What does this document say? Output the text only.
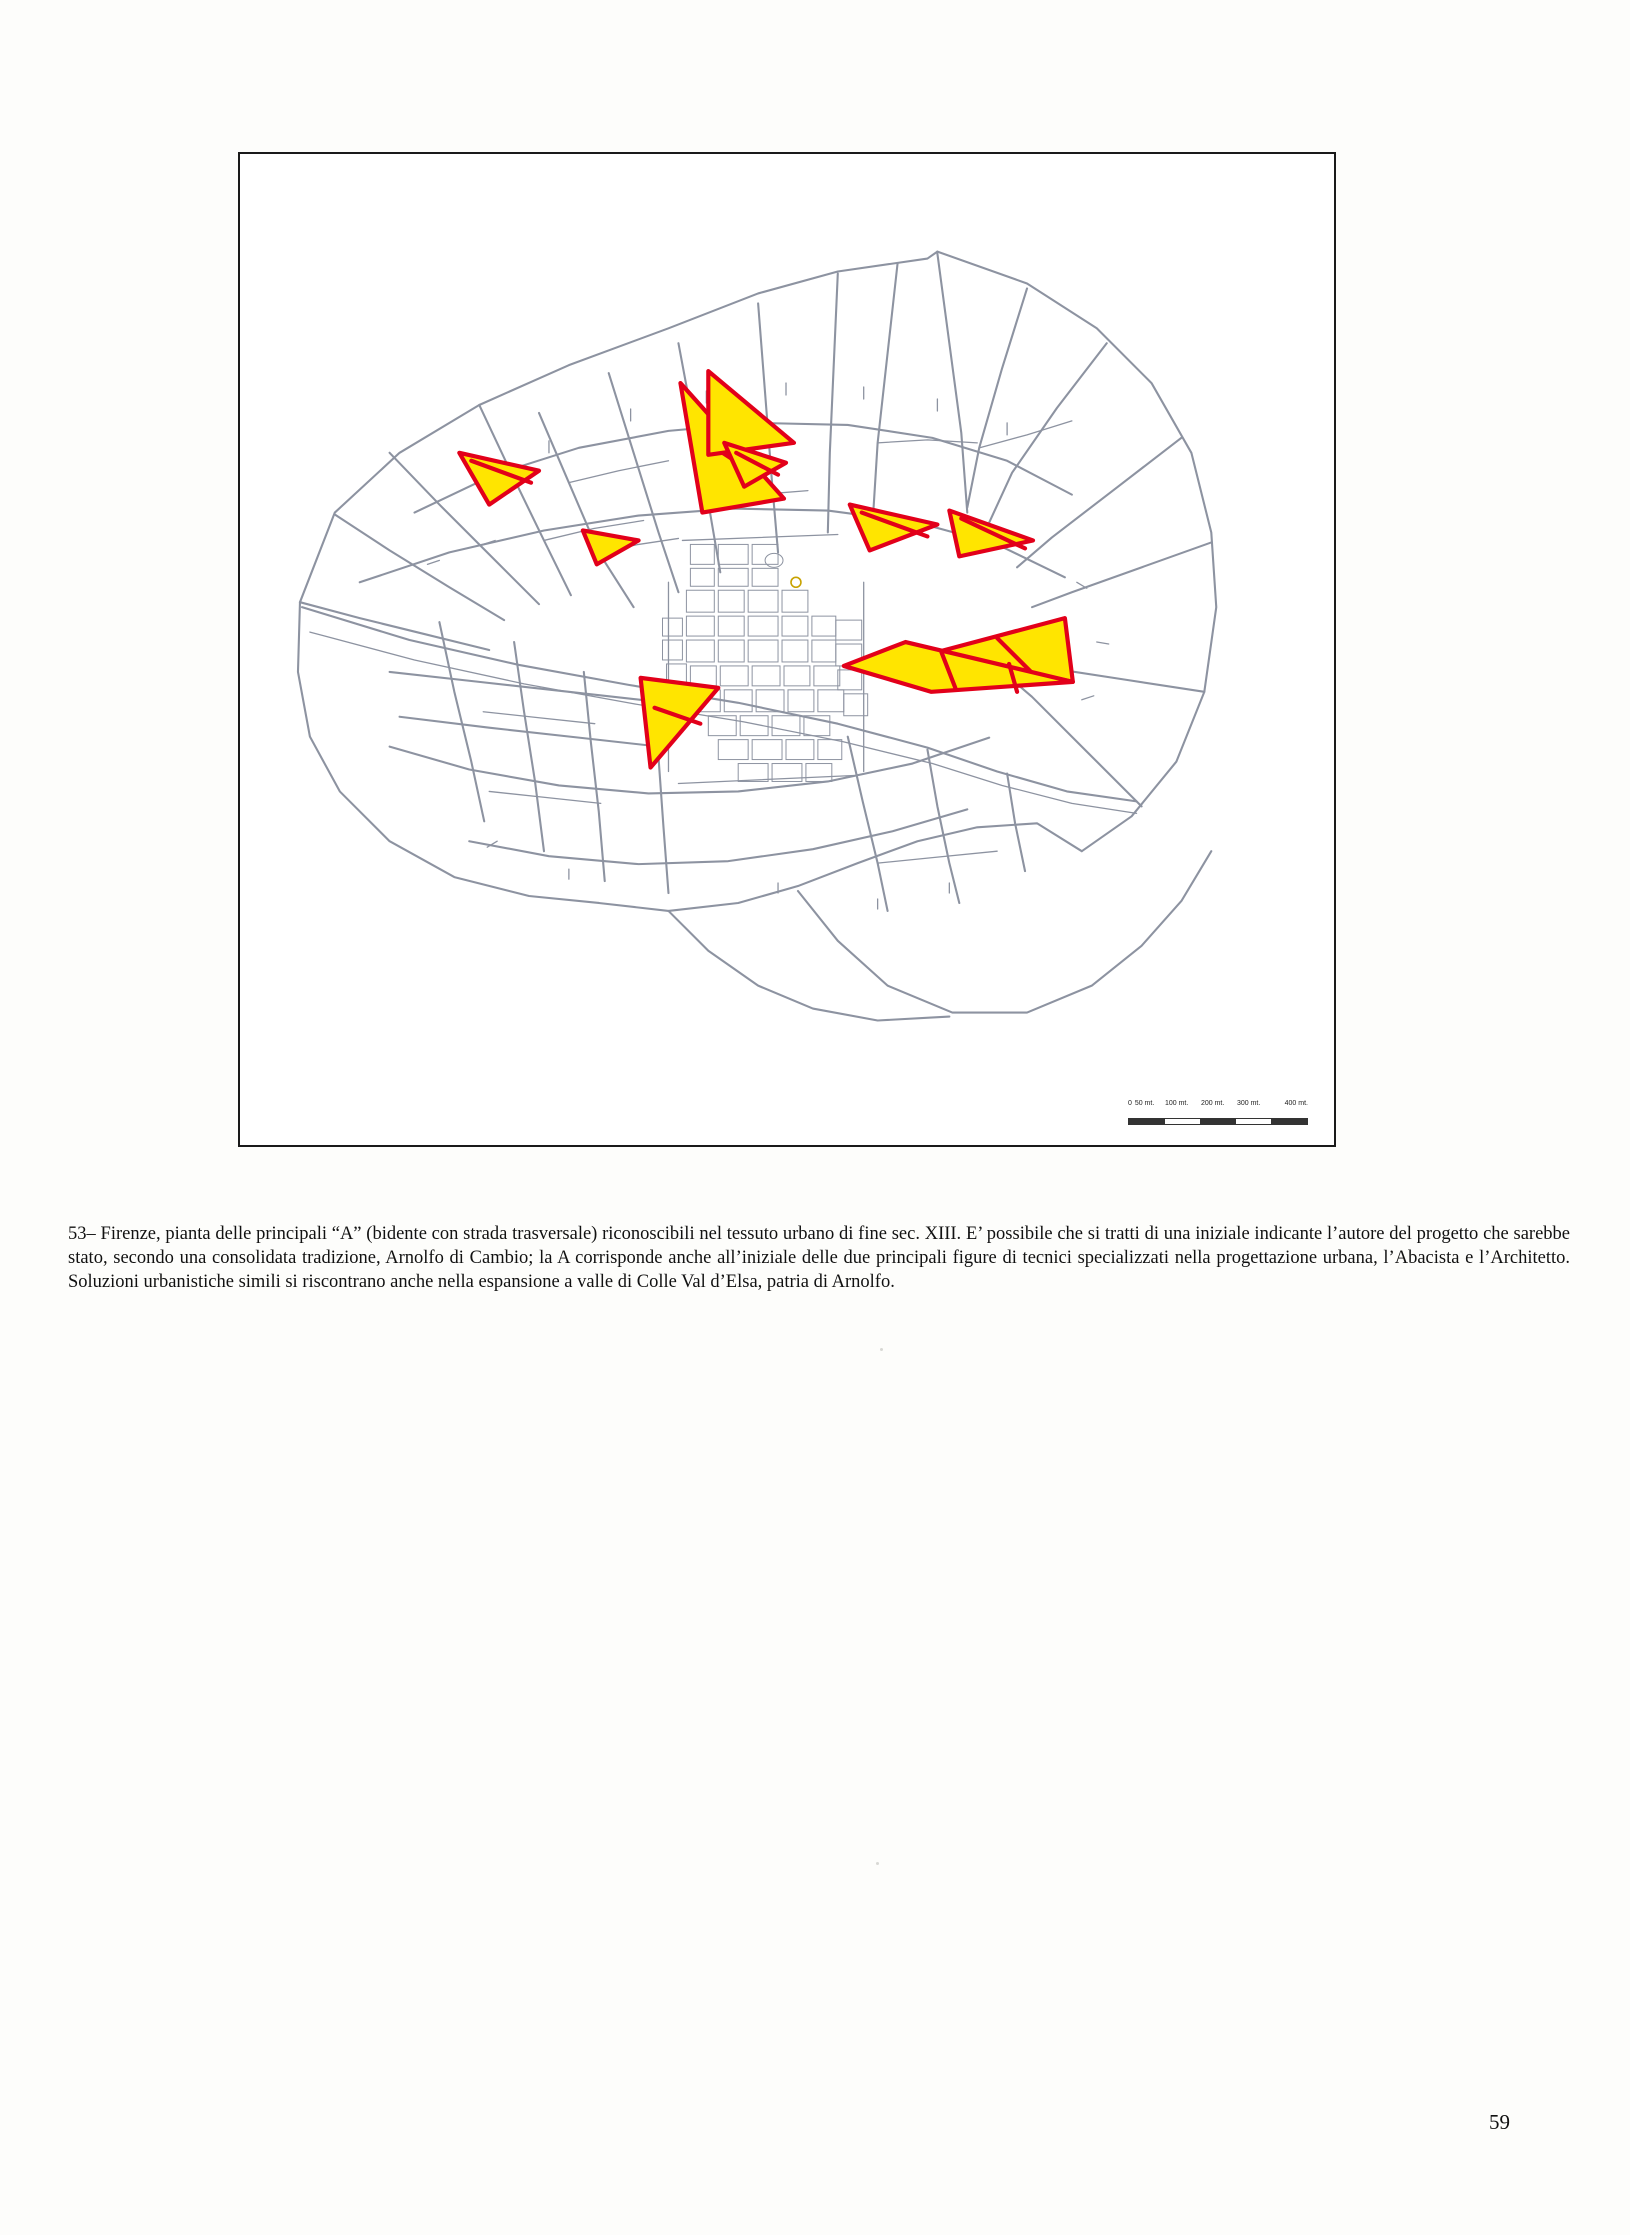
0 50 mt. 100 mt. 200 mt. 300 mt.	400 mt.
53– Firenze, pianta delle principali “A” (bidente con strada trasversale) riconoscibili nel tessuto urbano di fine sec. XIII. E’ possibile che si tratti di una iniziale indicante l’autore del progetto che sarebbe stato, secondo una consolidata tradizione, Arnolfo di Cambio; la A corrisponde anche all’iniziale delle due principali figure di tecnici specializzati nella progettazione urbana, l’Abacista e l’Architetto. Soluzioni urbanistiche simili si riscontrano anche nella espansione a valle di Colle Val d’Elsa, patria di Arnolfo.
59
